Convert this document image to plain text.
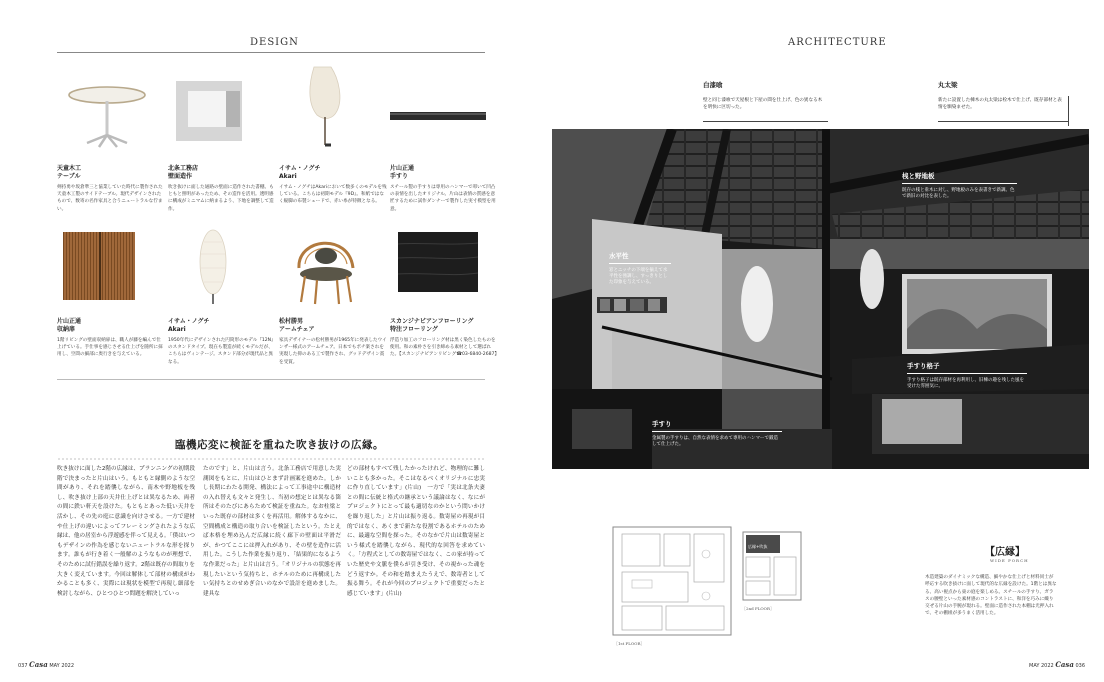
DESIGN
天童木工
テーブル
剣持勇や坂倉準三と協業していた時代に製作された天童木工製のサイドテーブル。現代デザインされたもので、数寄の名作家具と合うニュートラルな佇まい。
北条工務店
壁面造作
吹き抜けに面した通路の壁面に造作された書棚。もともと照明があったため、その造作を活用。透明感に構成がミニマムに納まるよう、下地を調整して造作。
イサム・ノグチ
Akari
イサム・ノグチはAkariにおいて数多くのモデルを残している。こちらは初期モデル『9D』。和紙ではなく縦脚の布製シェードで、赤い糸が特徴となる。
片山正通
手すり
スチール製の手すりは専用のハンマーで叩いて凹凸の表情を出したオリジナル。片山は表情の質感を意匠するために試作ダンナーで製作した実寸模型を用意。
片山正通
収納扉
1階リビングの壁面収納扉は、職人が藤を編んで仕上げている。手仕事を感じさせる仕上げを随所に採用し、空間の細部に奥行きを与えている。
イサム・ノグチ
Akari
1950年代にデザインされた円筒形のモデル『12N』のスタンドタイプ。現在も製造が続くモデルだが、こちらはヴィンテージ。スタンド部分が現代品と異なる。
松村勝男
アームチェア
家具デザイナーの松村勝男が1965年に発表したウインザー様式のアームチェア。日本でもポチ楽されを実現した抑のある工で製作され、グッドデザイン賞を受賞。
スカンジナビアンフローリング
特注フローリング
浮造り加工のフローリング材は黒く染色したものを使用。和の素朴さを引き締める素材として選ばれた。【スカンジナビアンリビング☎03-6840-2687】
臨機応変に検証を重ねた吹き抜けの広縁。
吹き抜けに面した2階の広縁は、プランニングの初期段階で決まったと片山はいう。もともと縁側のような空間があり、それを踏襲しながら、南木や野地板を残し、吹き抜け上部の天井仕上げとは異なるため、両者の間に鉄い軒天を設けた。もともとあった低い天井を活かし、その先の庭に意識を向けさせる。一方で建材や仕上げの違いによってフレーミングされたような広縁は、他の居室から浮遊感を伴って見える。「僕はいつもデザインの作為を感じないニュートラルな形を探ります。誰もが行き着く一般解のようなものが理想で、そのために試行錯誤を繰り返す。2階は既存の間取りを大きく変えています。今回は解体して部材の構成がわかることも多く、実際には現状を模型で再現し細部を検討しながら、ひとつひとつ問題を解決していっ
たのです」と、片山は言う。北条工務店で用意した実測図をもとに、片山はひとまず計画案を進めた。しかし長期にわたる開発、構法によって工事途中に構造材の入れ替えも文々と発生し、当初の想定とは異なる箇所はそのたびにあらためて検証を重ねた。なお柱梁といった既存の部材は多くを再活用。解体するなかに、空間構成と構造の取り合いを検証したという。たとえば本格を埋め込んだ広縁に続く廊下の壁面は平滑だが、かつてここには押入れがあり、その壁を造作に活用した。こうした作業を振り返り、「結果的になるような作業だった」と片山は言う。「オリジナルの状態を再現したいという気持ちと、ホテルのために再構成したい気持ちとのせめぎ合いのなかで設計を進めました。建具な
どの部材もすべて残したかったけれど、物理的に難しいことも多かった。そこはなるべくオリジナルに忠実に作り直しています」(片山)　一方で「実は北条夫妻との間に伝統と格式の継承という議論はなく、なにがプロジェクトにとって最も適切なのかという問いかけを繰り返した」と片山は振り返る。数寄屋の再現が目的ではなく、あくまで新たな役割であるホテルのために、最適な空間を探った。そのなかで片山は数寄屋という様式を踏襲しながら、現代的な回答を求めていく。「方程式としての数寄屋ではなく、この家が持っていた歴史や文脈を僕らが引き受け、その視かった魂をどう返すか。その和を踏まえたうえで、数寄者として振る舞う。それが今回のプロジェクトで重要だったと感じています」(片山)
037 Casa MAY 2022
ARCHITECTURE
白漆喰
壁と同じ漆喰で天屋根と下屋の間を仕上げ、色の異なる木を明快に区切った。
丸太梁
新たに設置した棟木の丸太梁は栓木で仕上げ、既存部材と表情を馴染ませた。
水平性
窓とニッチの下端を揃えて水平性を強調し、すっきりとした印象を与えている。
桟と野地板
既存の桟と垂木に対し、野地板のみを表書きで新調。色で新旧の対比を表した。
手すり格子
手すり格子は既存部材を再利用し、旧棟の趣を残した風を受けた雰囲気に。
手すり
金属製の手すりは、自然な表情を求めて専用のハンマーで鍛造して仕上げた。
［1st FLOOR］
広縁+吹抜
［2nd FLOOR］
【広縁】
WIDE PORCH
木造建築のダイナミックな構造、細やかな仕上げと材料同士が呼応する吹き抜けに面して現代的な広縁を設けた。1階とは異なる、高い視点から東の庭を楽しめる。スチールの手すり、ガラスの腰壁といった素材感のコントラストに、和洋を巧みに織り交ぜる片山の手腕が現れる。壁面に造作された本棚は光押入れで、その棚組が多うまく活用した。
MAY 2022 Casa 036
